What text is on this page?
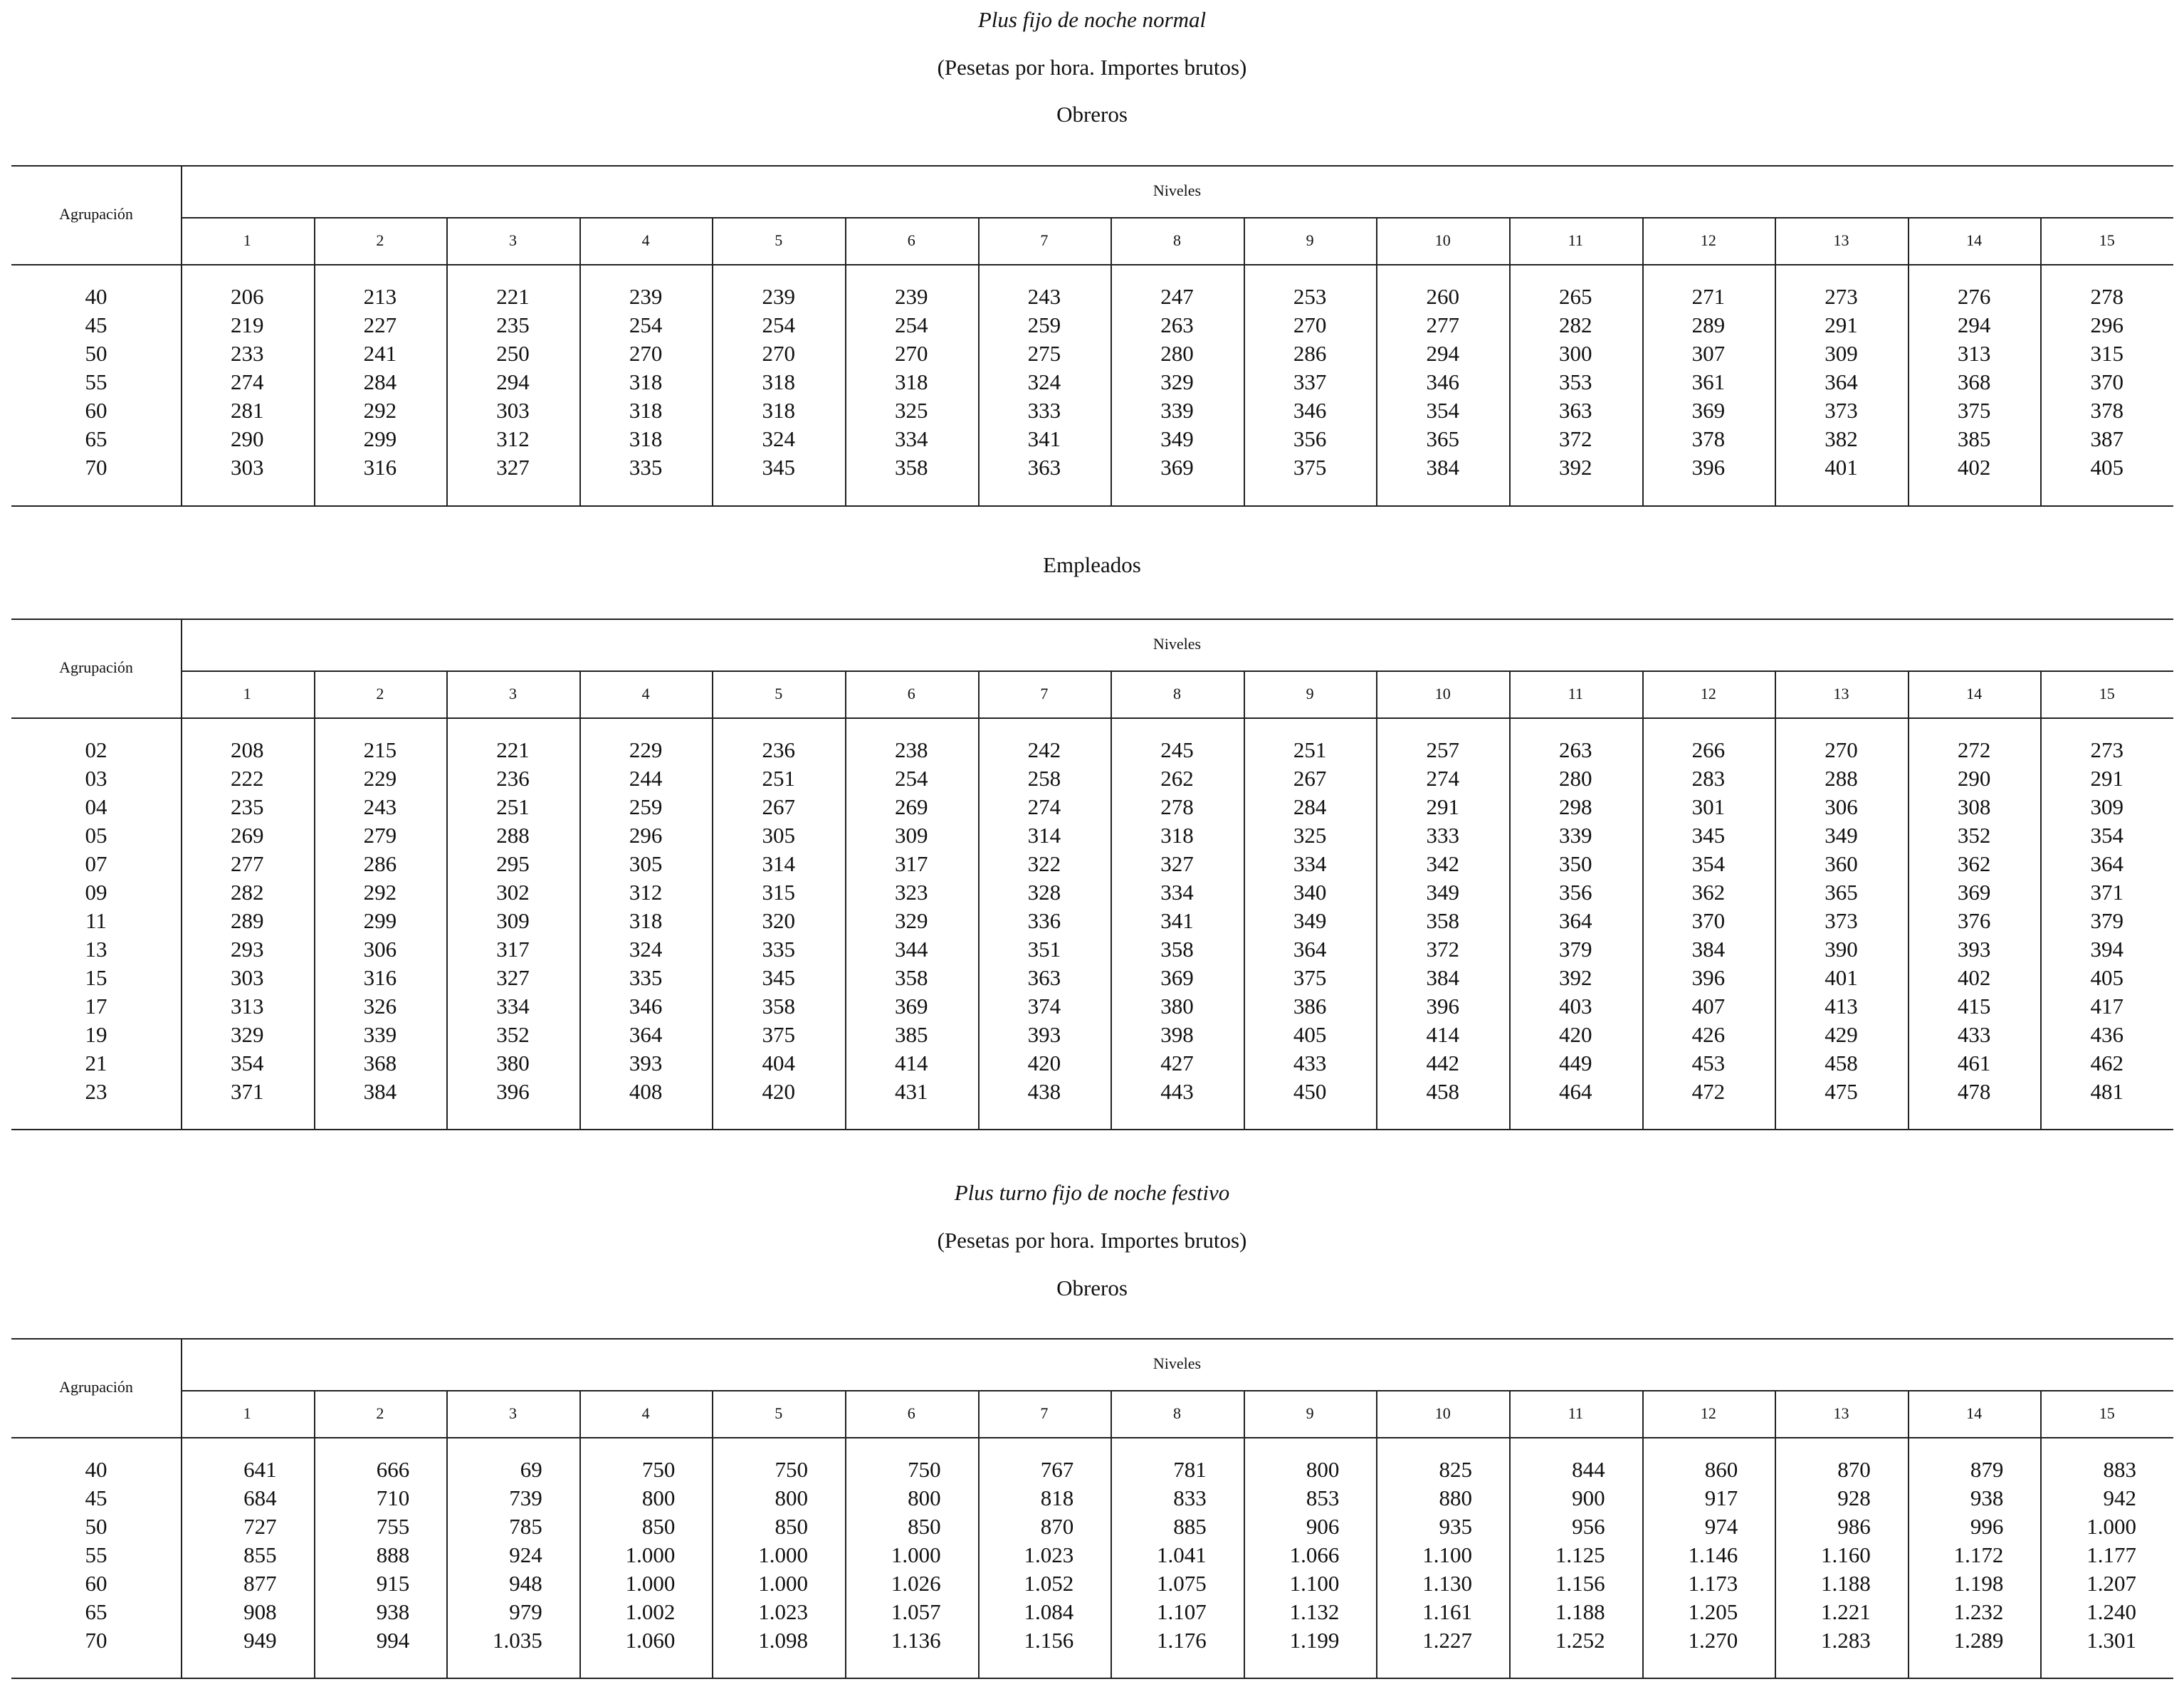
Plus fijo de noche normal
(Pesetas por hora. Importes brutos)
Obreros
Agrupación
Niveles
1	2	3	4	5	6	7	8	9	10	11	12	13	14	15
40	206	213	221	239	239	239	243	247	253	260	265	271	273	276	278
45	219	227	235	254	254	254	259	263	270	277	282	289	291	294	296
50	233	241	250	270	270	270	275	280	286	294	300	307	309	313	315
55	274	284	294	318	318	318	324	329	337	346	353	361	364	368	370
60	281	292	303	318	318	325	333	339	346	354	363	369	373	375	378
65	290	299	312	318	324	334	341	349	356	365	372	378	382	385	387
70	303	316	327	335	345	358	363	369	375	384	392	396	401	402	405
Empleados
Agrupación
Niveles
1	2	3	4	5	6	7	8	9	10	11	12	13	14	15
02	208	215	221	229	236	238	242	245	251	257	263	266	270	272	273
03	222	229	236	244	251	254	258	262	267	274	280	283	288	290	291
04	235	243	251	259	267	269	274	278	284	291	298	301	306	308	309
05	269	279	288	296	305	309	314	318	325	333	339	345	349	352	354
07	277	286	295	305	314	317	322	327	334	342	350	354	360	362	364
09	282	292	302	312	315	323	328	334	340	349	356	362	365	369	371
11	289	299	309	318	320	329	336	341	349	358	364	370	373	376	379
13	293	306	317	324	335	344	351	358	364	372	379	384	390	393	394
15	303	316	327	335	345	358	363	369	375	384	392	396	401	402	405
17	313	326	334	346	358	369	374	380	386	396	403	407	413	415	417
19	329	339	352	364	375	385	393	398	405	414	420	426	429	433	436
21	354	368	380	393	404	414	420	427	433	442	449	453	458	461	462
23	371	384	396	408	420	431	438	443	450	458	464	472	475	478	481
Plus turno fijo de noche festivo
(Pesetas por hora. Importes brutos)
Obreros
Agrupación
Niveles
1	2	3	4	5	6	7	8	9	10	11	12	13	14	15
40	641	666	69	750	750	750	767	781	800	825	844	860	870	879	883
45	684	710	739	800	800	800	818	833	853	880	900	917	928	938	942
50	727	755	785	850	850	850	870	885	906	935	956	974	986	996	1.000
55	855	888	924	1.000	1.000	1.000	1.023	1.041	1.066	1.100	1.125	1.146	1.160	1.172	1.177
60	877	915	948	1.000	1.000	1.026	1.052	1.075	1.100	1.130	1.156	1.173	1.188	1.198	1.207
65	908	938	979	1.002	1.023	1.057	1.084	1.107	1.132	1.161	1.188	1.205	1.221	1.232	1.240
70	949	994	1.035	1.060	1.098	1.136	1.156	1.176	1.199	1.227	1.252	1.270	1.283	1.289	1.301
